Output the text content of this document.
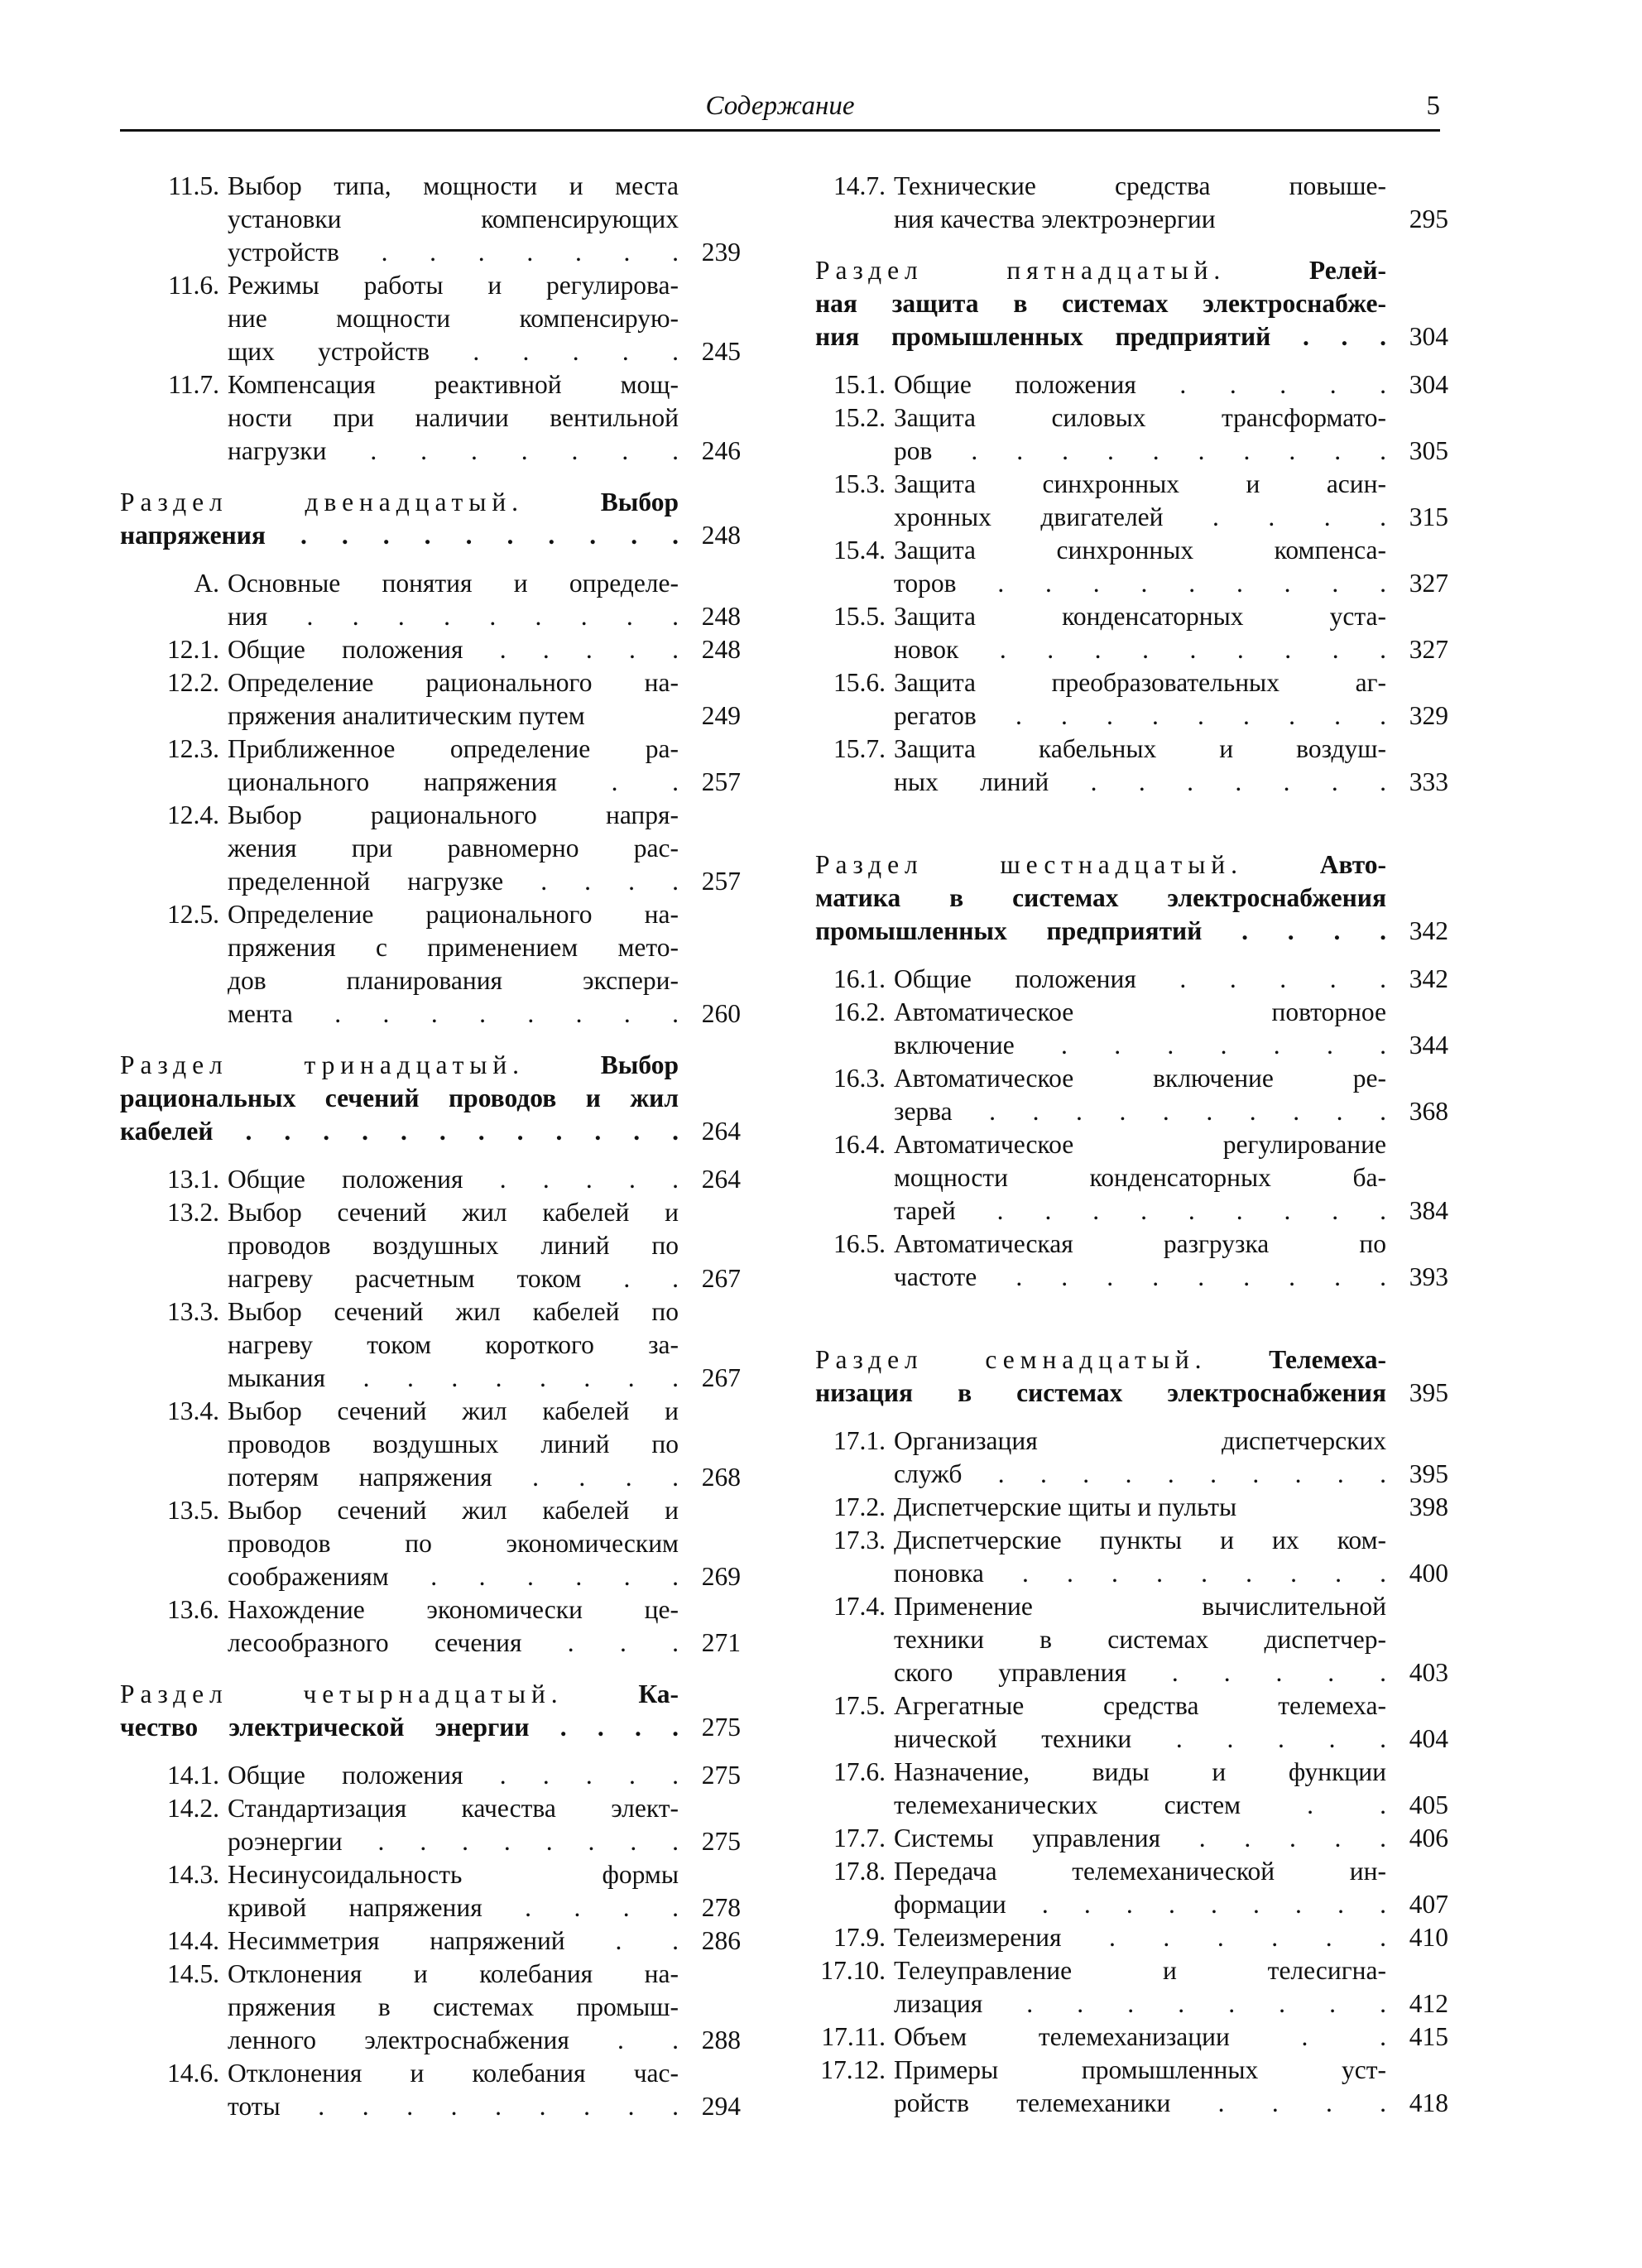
Содержание	5
11.5. Выбор типа, мощности и места
установки компенсирующих
устройств . . . . . . . 239
11.6. Режимы работы и регулирова-
ние мощности компенсирую-
щих устройств . . . . . 245
11.7. Компенсация реактивной мощ-
ности при наличии вентильной
нагрузки . . . . . . . 246
Раздел двенадцатый. Выбор
напряжения . . . . . . . . . . 248
А. Основные понятия и определе-
ния . . . . . . . . . 248
12.1. Общие положения . . . . . 248
12.2. Определение рационального на-
пряжения аналитическим путем	249
12.3. Приближенное определение ра-
ционального напряжения . . 257
12.4. Выбор рационального напря-
жения при равномерно рас-
пределенной нагрузке . . . . 257
12.5. Определение рационального на-
пряжения с применением мето-
дов планирования экспери-
мента . . . . . . . . 260
Раздел тринадцатый. Выбор
рациональных сечений проводов и жил
кабелей . . . . . . . . . . . . 264
13.1. Общие положения . . . . . 264
13.2. Выбор сечений жил кабелей и
проводов воздушных линий по
нагреву расчетным током . . 267
13.3. Выбор сечений жил кабелей по
нагреву током короткого за-
мыкания . . . . . . . . 267
13.4. Выбор сечений жил кабелей и
проводов воздушных линий по
потерям напряжения . . . . 268
13.5. Выбор сечений жил кабелей и
проводов по экономическим
соображениям . . . . . . 269
13.6. Нахождение экономически це-
лесообразного сечения . . . 271
Раздел четырнадцатый. Ка-
чество электрической энергии . . . . 275
14.1. Общие положения . . . . . 275
14.2. Стандартизация качества элект-
роэнергии . . . . . . . . 275
14.3. Несинусоидальность формы
кривой напряжения . . . . 278
14.4. Несимметрия напряжений . . 286
14.5. Отклонения и колебания на-
пряжения в системах промыш-
ленного электроснабжения . . 288
14.6. Отклонения и колебания час-
тоты . . . . . . . . . 294
14.7. Технические средства повыше-
ния качества электроэнергии	295
Раздел пятнадцатый. Релей-
ная защита в системах электроснабже-
ния промышленных предприятий . . . 304
15.1. Общие положения . . . . . 304
15.2. Защита силовых трансформато-
ров . . . . . . . . . . 305
15.3. Защита синхронных и асин-
хронных двигателей . . . . 315
15.4. Защита синхронных компенса-
торов . . . . . . . . . 327
15.5. Защита конденсаторных уста-
новок . . . . . . . . . 327
15.6. Защита преобразовательных аг-
регатов . . . . . . . . . 329
15.7. Защита кабельных и воздуш-
ных линий . . . . . . . 333
Раздел шестнадцатый. Авто-
матика в системах электроснабжения
промышленных предприятий . . . . 342
16.1. Общие положения . . . . . 342
16.2. Автоматическое повторное
включение . . . . . . . 344
16.3. Автоматическое включение ре-
зерва . . . . . . . . . . 368
16.4. Автоматическое регулирование
мощности конденсаторных ба-
тарей . . . . . . . . . 384
16.5. Автоматическая разгрузка по
частоте . . . . . . . . . 393
Раздел семнадцатый. Телемеха-
низация в системах электроснабжения 395
17.1. Организация диспетчерских
служб . . . . . . . . . . 395
17.2. Диспетчерские щиты и пульты	398
17.3. Диспетчерские пункты и их ком-
поновка . . . . . . . . . 400
17.4. Применение вычислительной
техники в системах диспетчер-
ского управления . . . . . 403
17.5. Агрегатные средства телемеха-
нической техники . . . . . 404
17.6. Назначение, виды и функции
телемеханических систем . . 405
17.7. Системы управления . . . . . 406
17.8. Передача телемеханической ин-
формации . . . . . . . . . 407
17.9. Телеизмерения . . . . . . 410
17.10. Телеуправление и телесигна-
лизация . . . . . . . . 412
17.11. Объем телемеханизации . . 415
17.12. Примеры промышленных уст-
ройств телемеханики . . . . 418
